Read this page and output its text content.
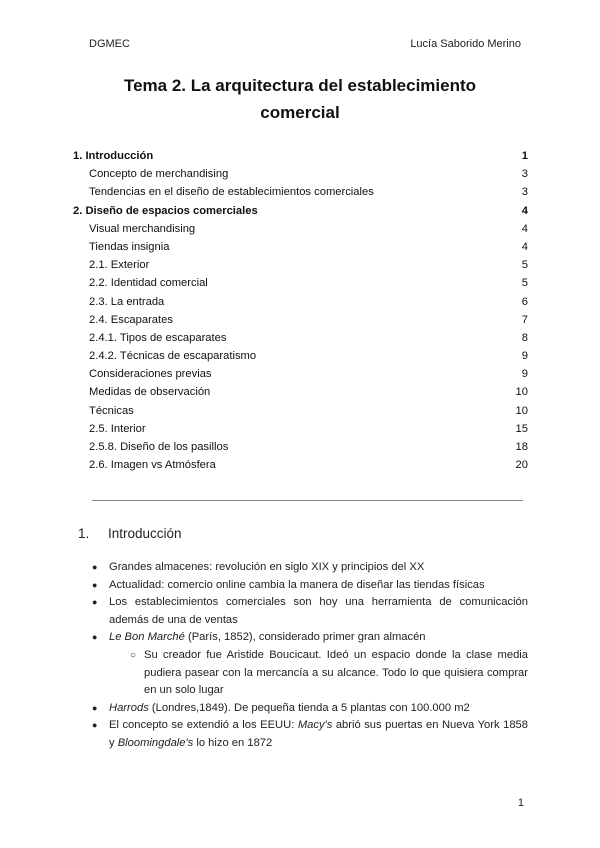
DGMEC	Lucía Saborido Merino
Tema 2. La arquitectura del establecimiento
comercial
1. Introducción	1
Concepto de merchandising	3
Tendencias en el diseño de establecimientos comerciales	3
2. Diseño de espacios comerciales	4
Visual merchandising	4
Tiendas insignia	4
2.1. Exterior	5
2.2. Identidad comercial	5
2.3. La entrada	6
2.4. Escaparates	7
2.4.1. Tipos de escaparates	8
2.4.2. Técnicas de escaparatismo	9
Consideraciones previas	9
Medidas de observación	10
Técnicas	10
2.5. Interior	15
2.5.8. Diseño de los pasillos	18
2.6. Imagen vs Atmósfera	20
1. Introducción
● Grandes almacenes: revolución en siglo XIX y principios del XX
● Actualidad: comercio online cambia la manera de diseñar las tiendas físicas
● Los establecimientos comerciales son hoy una herramienta de comunicación además de una de ventas
● Le Bon Marché (París, 1852), considerado primer gran almacén
○ Su creador fue Aristide Boucicaut. Ideó un espacio donde la clase media pudiera pasear con la mercancía a su alcance. Todo lo que quisiera comprar en un solo lugar
● Harrods (Londres,1849). De pequeña tienda a 5 plantas con 100.000 m2
● El concepto se extendió a los EEUU: Macy's abrió sus puertas en Nueva York 1858 y Bloomingdale's lo hizo en 1872
1
